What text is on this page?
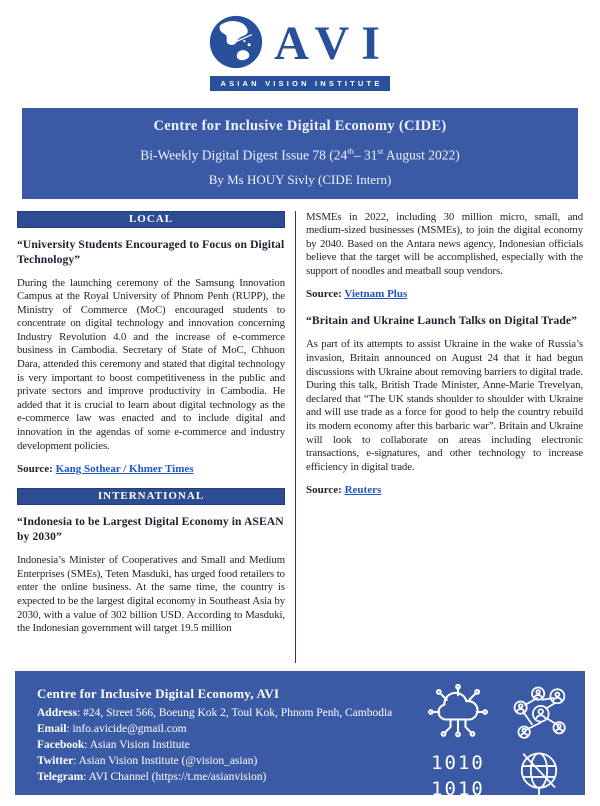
AVI
ASIAN VISION INSTITUTE
Centre for Inclusive Digital Economy (CIDE)
Bi-Weekly Digital Digest Issue 78 (24th– 31st August 2022)
By Ms HOUY Sivly (CIDE Intern)
LOCAL
“University Students Encouraged to Focus on Digital Technology”

During the launching ceremony of the Samsung Innovation Campus at the Royal University of Phnom Penh (RUPP), the Ministry of Commerce (MoC) encouraged students to concentrate on digital technology and innovation concerning Industry Revolution 4.0 and the increase of e-commerce business in Cambodia. Secretary of State of MoC, Chhuon Dara, attended this ceremony and stated that digital technology is very important to boost competitiveness in the public and private sectors and improve productivity in Cambodia. He added that it is crucial to learn about digital technology as the e-commerce law was enacted and to include digital and innovation in the agendas of some e-commerce and industry development policies.

Source: Kang Sothear / Khmer Times
INTERNATIONAL
“Indonesia to be Largest Digital Economy in ASEAN by 2030”

Indonesia’s Minister of Cooperatives and Small and Medium Enterprises (SMEs), Teten Masduki, has urged food retailers to enter the online business. At the same time, the country is expected to be the largest digital economy in Southeast Asia by 2030, with a value of 302 billion USD. According to Masduki, the Indonesian government will target 19.5 million

MSMEs in 2022, including 30 million micro, small, and medium-sized businesses (MSMEs), to join the digital economy by 2040. Based on the Antara news agency, Indonesian officials believe that the target will be accomplished, especially with the support of noodles and meatball soup vendors.

Source: Vietnam Plus
“Britain and Ukraine Launch Talks on Digital Trade”

As part of its attempts to assist Ukraine in the wake of Russia’s invasion, Britain announced on August 24 that it had begun discussions with Ukraine about removing barriers to digital trade. During this talk, British Trade Minister, Anne-Marie Trevelyan, declared that “The UK stands shoulder to shoulder with Ukraine and will use trade as a force for good to help the country rebuild its modern economy after this barbaric war”. Britain and Ukraine will look to collaborate on areas including electronic transactions, e-signatures, and other technology to increase efficiency in digital trade.

Source: Reuters
Centre for Inclusive Digital Economy, AVI
Address: #24, Street 566, Boeung Kok 2, Toul Kok, Phnom Penh, Cambodia
Email: info.avicide@gmail.com
Facebook: Asian Vision Institute
Twitter: Asian Vision Institute (@vision_asian)
Telegram: AVI Channel (https://t.me/asianvision)
1010
1010
